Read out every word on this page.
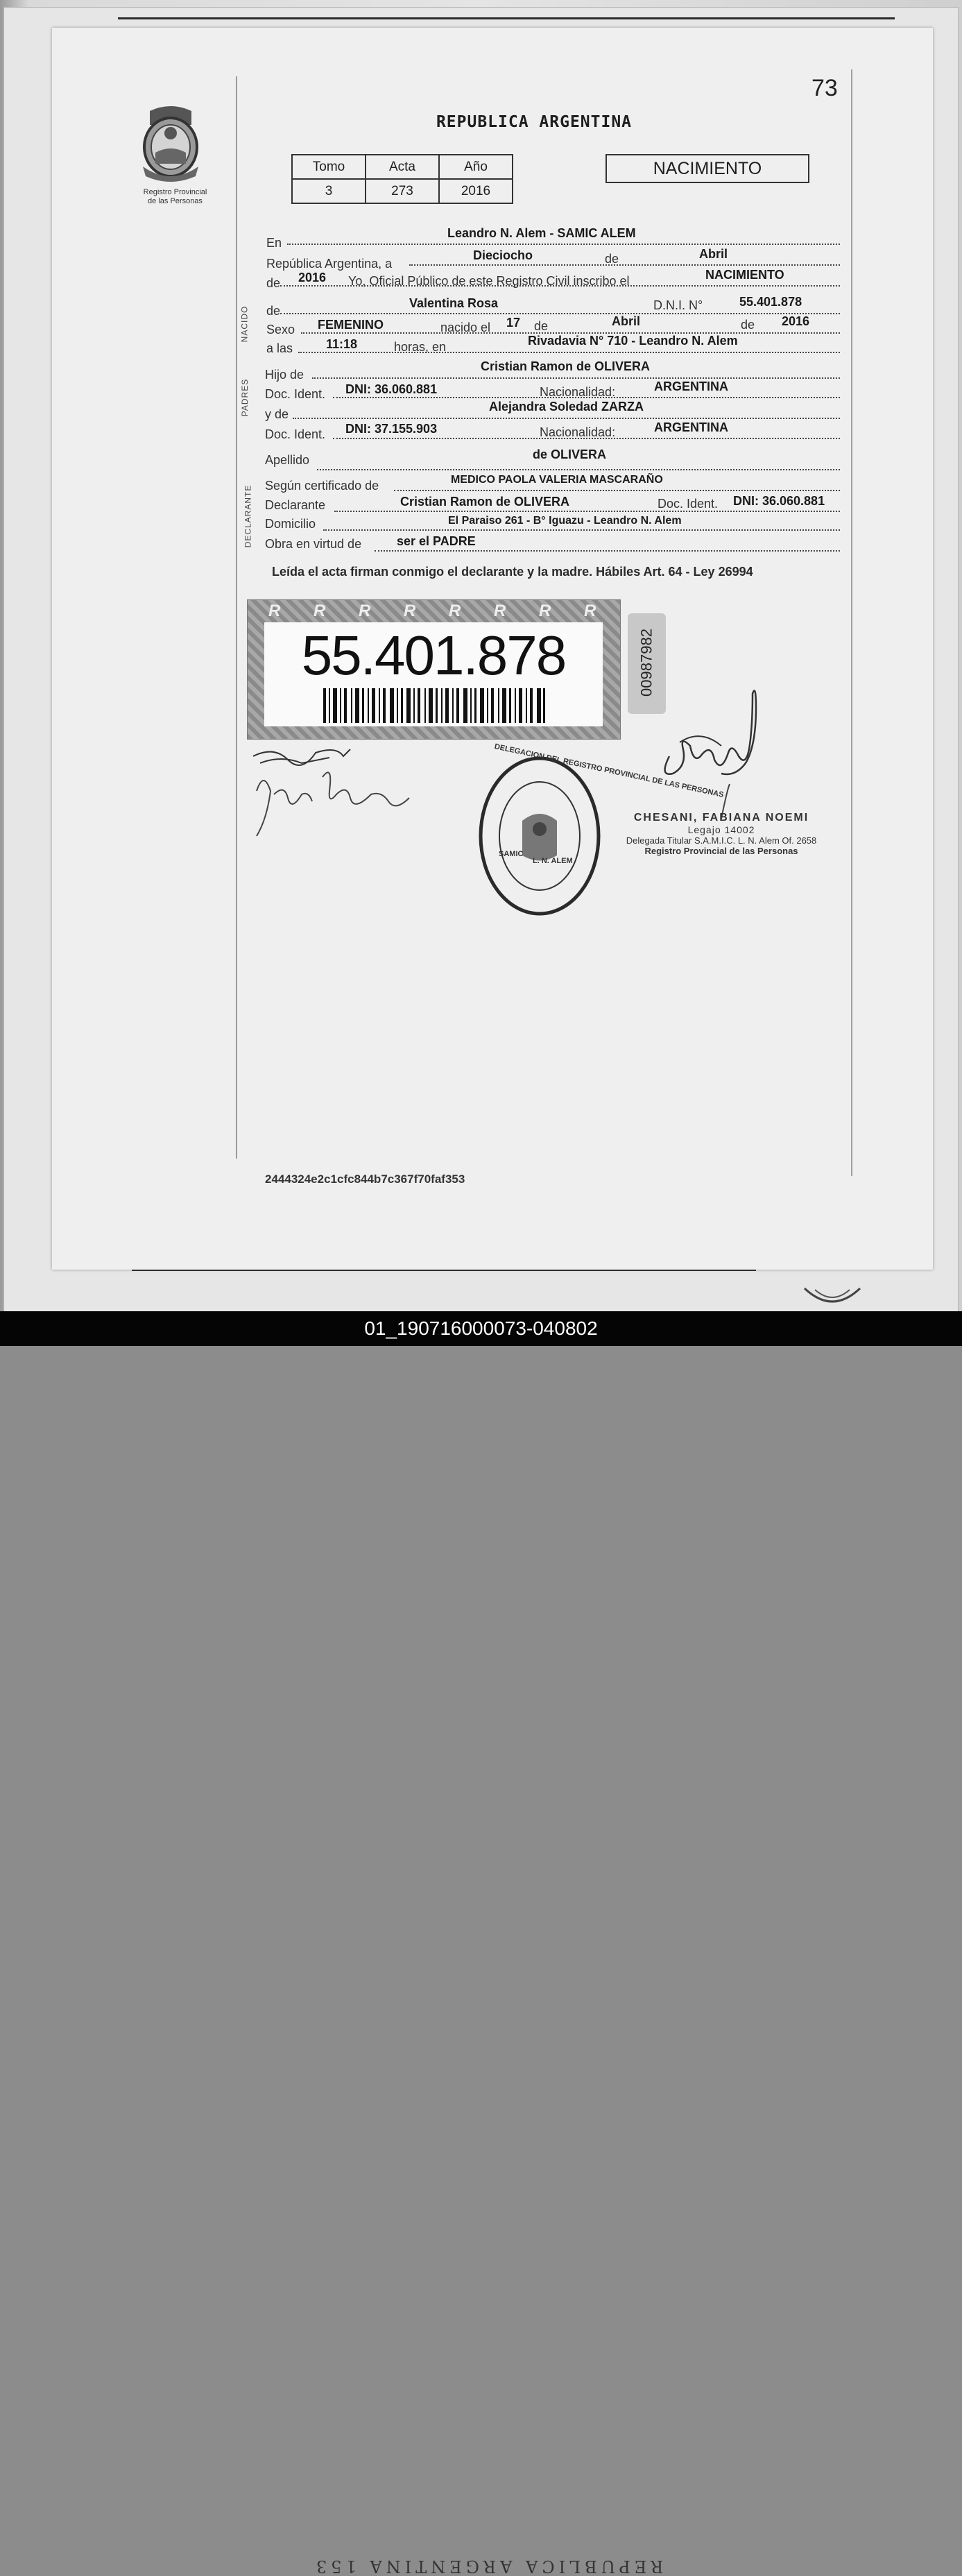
REPUBLICA ARGENTINA 153
73
REPUBLICA ARGENTINA
Registro Provincial
de las Personas
Tomo	Acta	Año
3	273	2016
NACIMIENTO
En
Leandro N. Alem - SAMIC ALEM
República Argentina, a
Dieciocho	de	Abril
de 2016 Yo, Oficial Público de este Registro Civil inscribo el	NACIMIENTO
NACIDO
PADRES
DECLARANTE
de
Valentina Rosa	D.N.I. N°	55.401.878
Sexo FEMENINO	nacido el 17 de	Abril	de 2016
a las	11:18	horas, en	Rivadavia N° 710 - Leandro N. Alem
Hijo de
Cristian Ramon de OLIVERA
Doc. Ident. DNI: 36.060.881	Nacionalidad:	ARGENTINA
y de
Alejandra Soledad ZARZA
Doc. Ident. DNI: 37.155.903	Nacionalidad:	ARGENTINA
Apellido	de OLIVERA
Según certificado de	MEDICO PAOLA VALERIA MASCARAÑO
Declarante	Cristian Ramon de OLIVERA	Doc. Ident. DNI: 36.060.881
Domicilio	El Paraiso 261 - B° Iguazu - Leandro N. Alem
Obra en virtud de	ser el PADRE
Leída el acta firman conmigo el declarante y la madre. Hábiles Art. 64 - Ley 26994
R R R R R R R R
55.401.878	00987982
DELEGACION DEL REGISTRO PROVINCIAL DE LAS PERSONAS
SAMIC
L. N. ALEM
CHESANI, FABIANA NOEMI
Legajo 14002
Delegada Titular S.A.M.I.C. L. N. Alem Of. 2658
Registro Provincial de las Personas
2444324e2c1cfc844b7c367f70faf353
01_190716000073-040802
